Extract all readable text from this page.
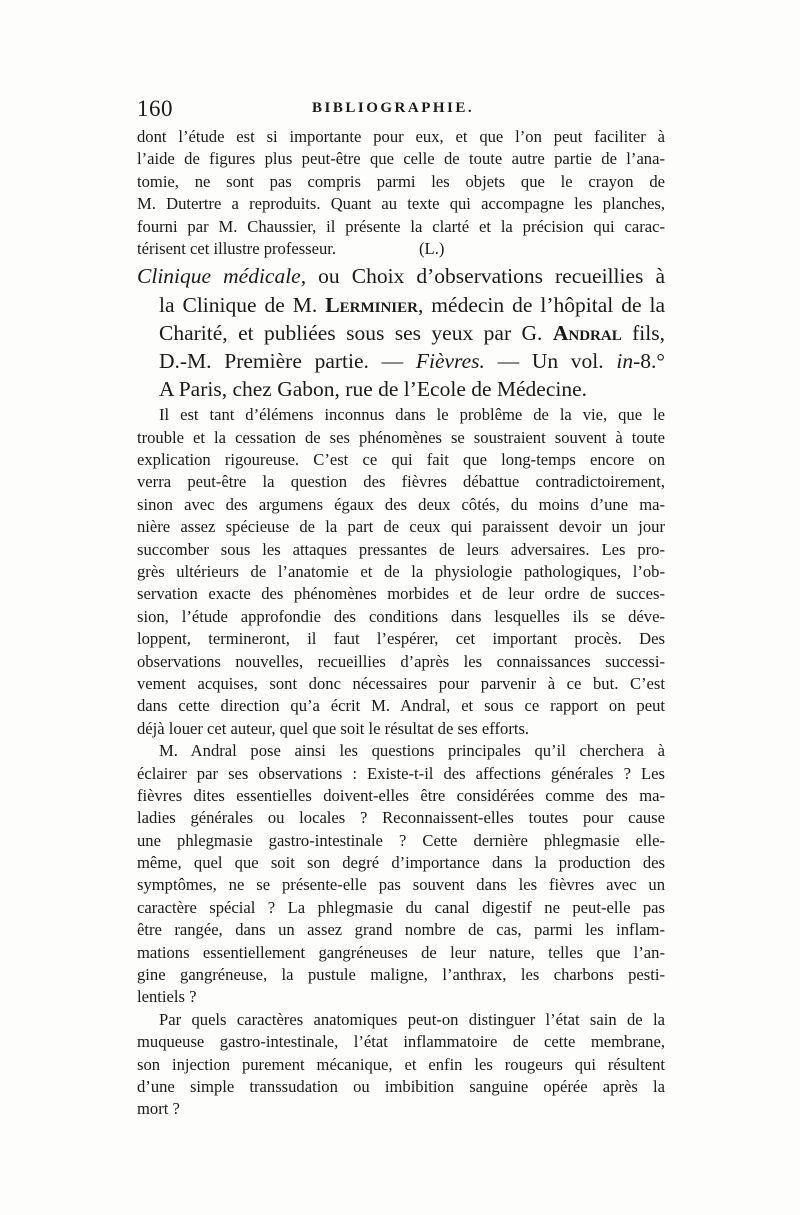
160	BIBLIOGRAPHIE.
dont l’étude est si importante pour eux, et que l’on peut faciliter à
l’aide de figures plus peut-être que celle de toute autre partie de l’ana-
tomie, ne sont pas compris parmi les objets que le crayon de
M. Dutertre a reproduits. Quant au texte qui accompagne les planches,
fourni par M. Chaussier, il présente la clarté et la précision qui carac-
térisent cet illustre professeur.                    (L.)
Clinique médicale, ou Choix d’observations recueillies à
la Clinique de M. Lerminier, médecin de l’hôpital de la
Charité, et publiées sous ses yeux par G. Andral fils,
D.-M. Première partie. — Fièvres. — Un vol. in-8.°
A Paris, chez Gabon, rue de l’Ecole de Médecine.
Il est tant d’élémens inconnus dans le problême de la vie, que le
trouble et la cessation de ses phénomènes se soustraient souvent à toute
explication rigoureuse. C’est ce qui fait que long-temps encore on
verra peut-être la question des fièvres débattue contradictoirement,
sinon avec des argumens égaux des deux côtés, du moins d’une ma-
nière assez spécieuse de la part de ceux qui paraissent devoir un jour
succomber sous les attaques pressantes de leurs adversaires. Les pro-
grès ultérieurs de l’anatomie et de la physiologie pathologiques, l’ob-
servation exacte des phénomènes morbides et de leur ordre de succes-
sion, l’étude approfondie des conditions dans lesquelles ils se déve-
loppent, termineront, il faut l’espérer, cet important procès. Des
observations nouvelles, recueillies d’après les connaissances successi-
vement acquises, sont donc nécessaires pour parvenir à ce but. C’est
dans cette direction qu’a écrit M. Andral, et sous ce rapport on peut
déjà louer cet auteur, quel que soit le résultat de ses efforts.
M. Andral pose ainsi les questions principales qu’il cherchera à
éclairer par ses observations : Existe-t-il des affections générales ? Les
fièvres dites essentielles doivent-elles être considérées comme des ma-
ladies générales ou locales ? Reconnaissent-elles toutes pour cause
une phlegmasie gastro-intestinale ? Cette dernière phlegmasie elle-
même, quel que soit son degré d’importance dans la production des
symptômes, ne se présente-elle pas souvent dans les fièvres avec un
caractère spécial ? La phlegmasie du canal digestif ne peut-elle pas
être rangée, dans un assez grand nombre de cas, parmi les inflam-
mations essentiellement gangréneuses de leur nature, telles que l’an-
gine gangréneuse, la pustule maligne, l’anthrax, les charbons pesti-
lentiels ?
Par quels caractères anatomiques peut-on distinguer l’état sain de la
muqueuse gastro-intestinale, l’état inflammatoire de cette membrane,
son injection purement mécanique, et enfin les rougeurs qui résultent
d’une simple transsudation ou imbibition sanguine opérée après la
mort ?
